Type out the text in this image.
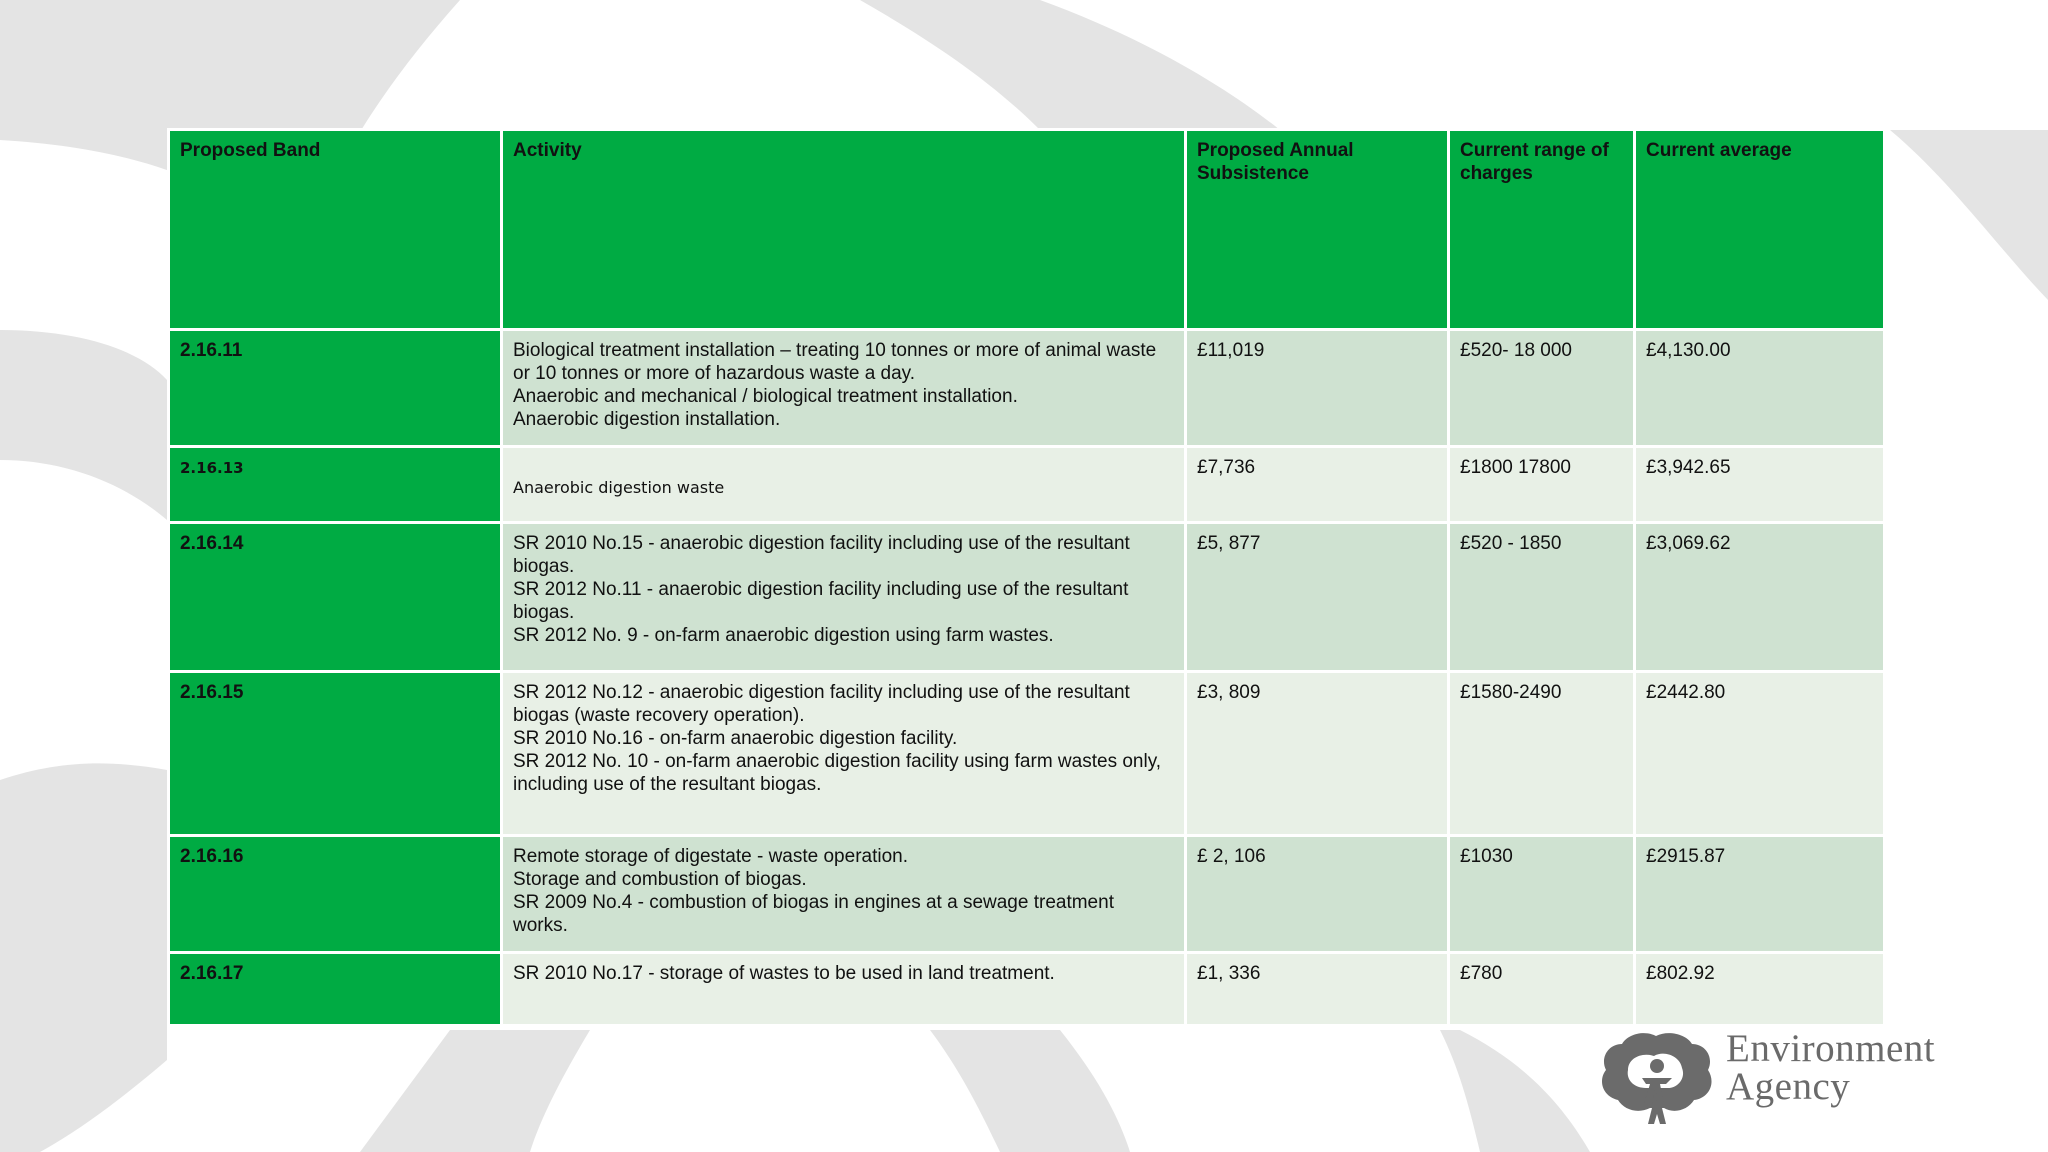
Proposed Band	Activity	Proposed Annual Subsistence	Current range of charges	Current average
2.16.11	Biological treatment installation – treating 10 tonnes or more of animal waste or 10 tonnes or more of hazardous waste a day.
Anaerobic and mechanical / biological treatment installation.
Anaerobic digestion installation.	£11,019	£520- 18 000	£4,130.00
2.16.13	Anaerobic digestion waste	£7,736	£1800 17800	£3,942.65
2.16.14	SR 2010 No.15 - anaerobic digestion facility including use of the resultant biogas.
SR 2012 No.11 - anaerobic digestion facility including use of the resultant biogas.
SR 2012 No. 9 - on-farm anaerobic digestion using farm wastes.	£5, 877	£520 - 1850	£3,069.62
2.16.15	SR 2012 No.12 - anaerobic digestion facility including use of the resultant biogas (waste recovery operation).
SR 2010 No.16 - on-farm anaerobic digestion facility.
SR 2012 No. 10 - on-farm anaerobic digestion facility using farm wastes only, including use of the resultant biogas.	£3, 809	£1580-2490	£2442.80
2.16.16	Remote storage of digestate - waste operation.
Storage and combustion of biogas.
SR 2009 No.4 - combustion of biogas in engines at a sewage treatment works.	£ 2, 106	£1030	£2915.87
2.16.17	SR 2010 No.17 - storage of wastes to be used in land treatment.	£1, 336	£780	£802.92
Environment
Agency
